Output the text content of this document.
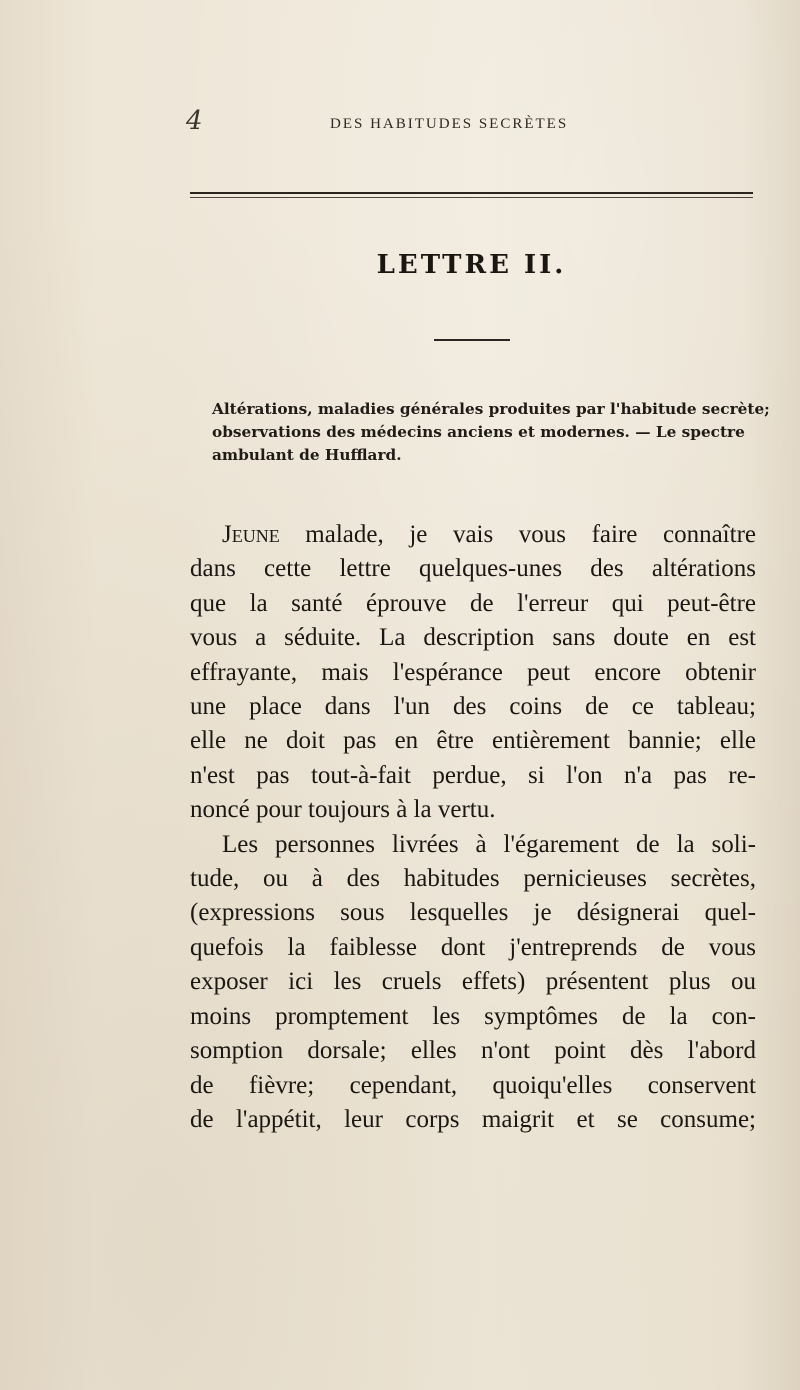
4	DES HABITUDES SECRÈTES
LETTRE II.
Altérations, maladies générales produites par l'habitude secrète;
observations des médecins anciens et modernes. — Le spectre
ambulant de Hufflard.
Jeune malade, je vais vous faire connaître
dans cette lettre quelques-unes des altérations
que la santé éprouve de l'erreur qui peut-être
vous a séduite. La description sans doute en est
effrayante, mais l'espérance peut encore obtenir
une place dans l'un des coins de ce tableau;
elle ne doit pas en être entièrement bannie; elle
n'est pas tout-à-fait perdue, si l'on n'a pas re-
noncé pour toujours à la vertu.
Les personnes livrées à l'égarement de la soli-
tude, ou à des habitudes pernicieuses secrètes,
(expressions sous lesquelles je désignerai quel-
quefois la faiblesse dont j'entreprends de vous
exposer ici les cruels effets) présentent plus ou
moins promptement les symptômes de la con-
somption dorsale; elles n'ont point dès l'abord
de fièvre; cependant, quoiqu'elles conservent
de l'appétit, leur corps maigrit et se consume;
